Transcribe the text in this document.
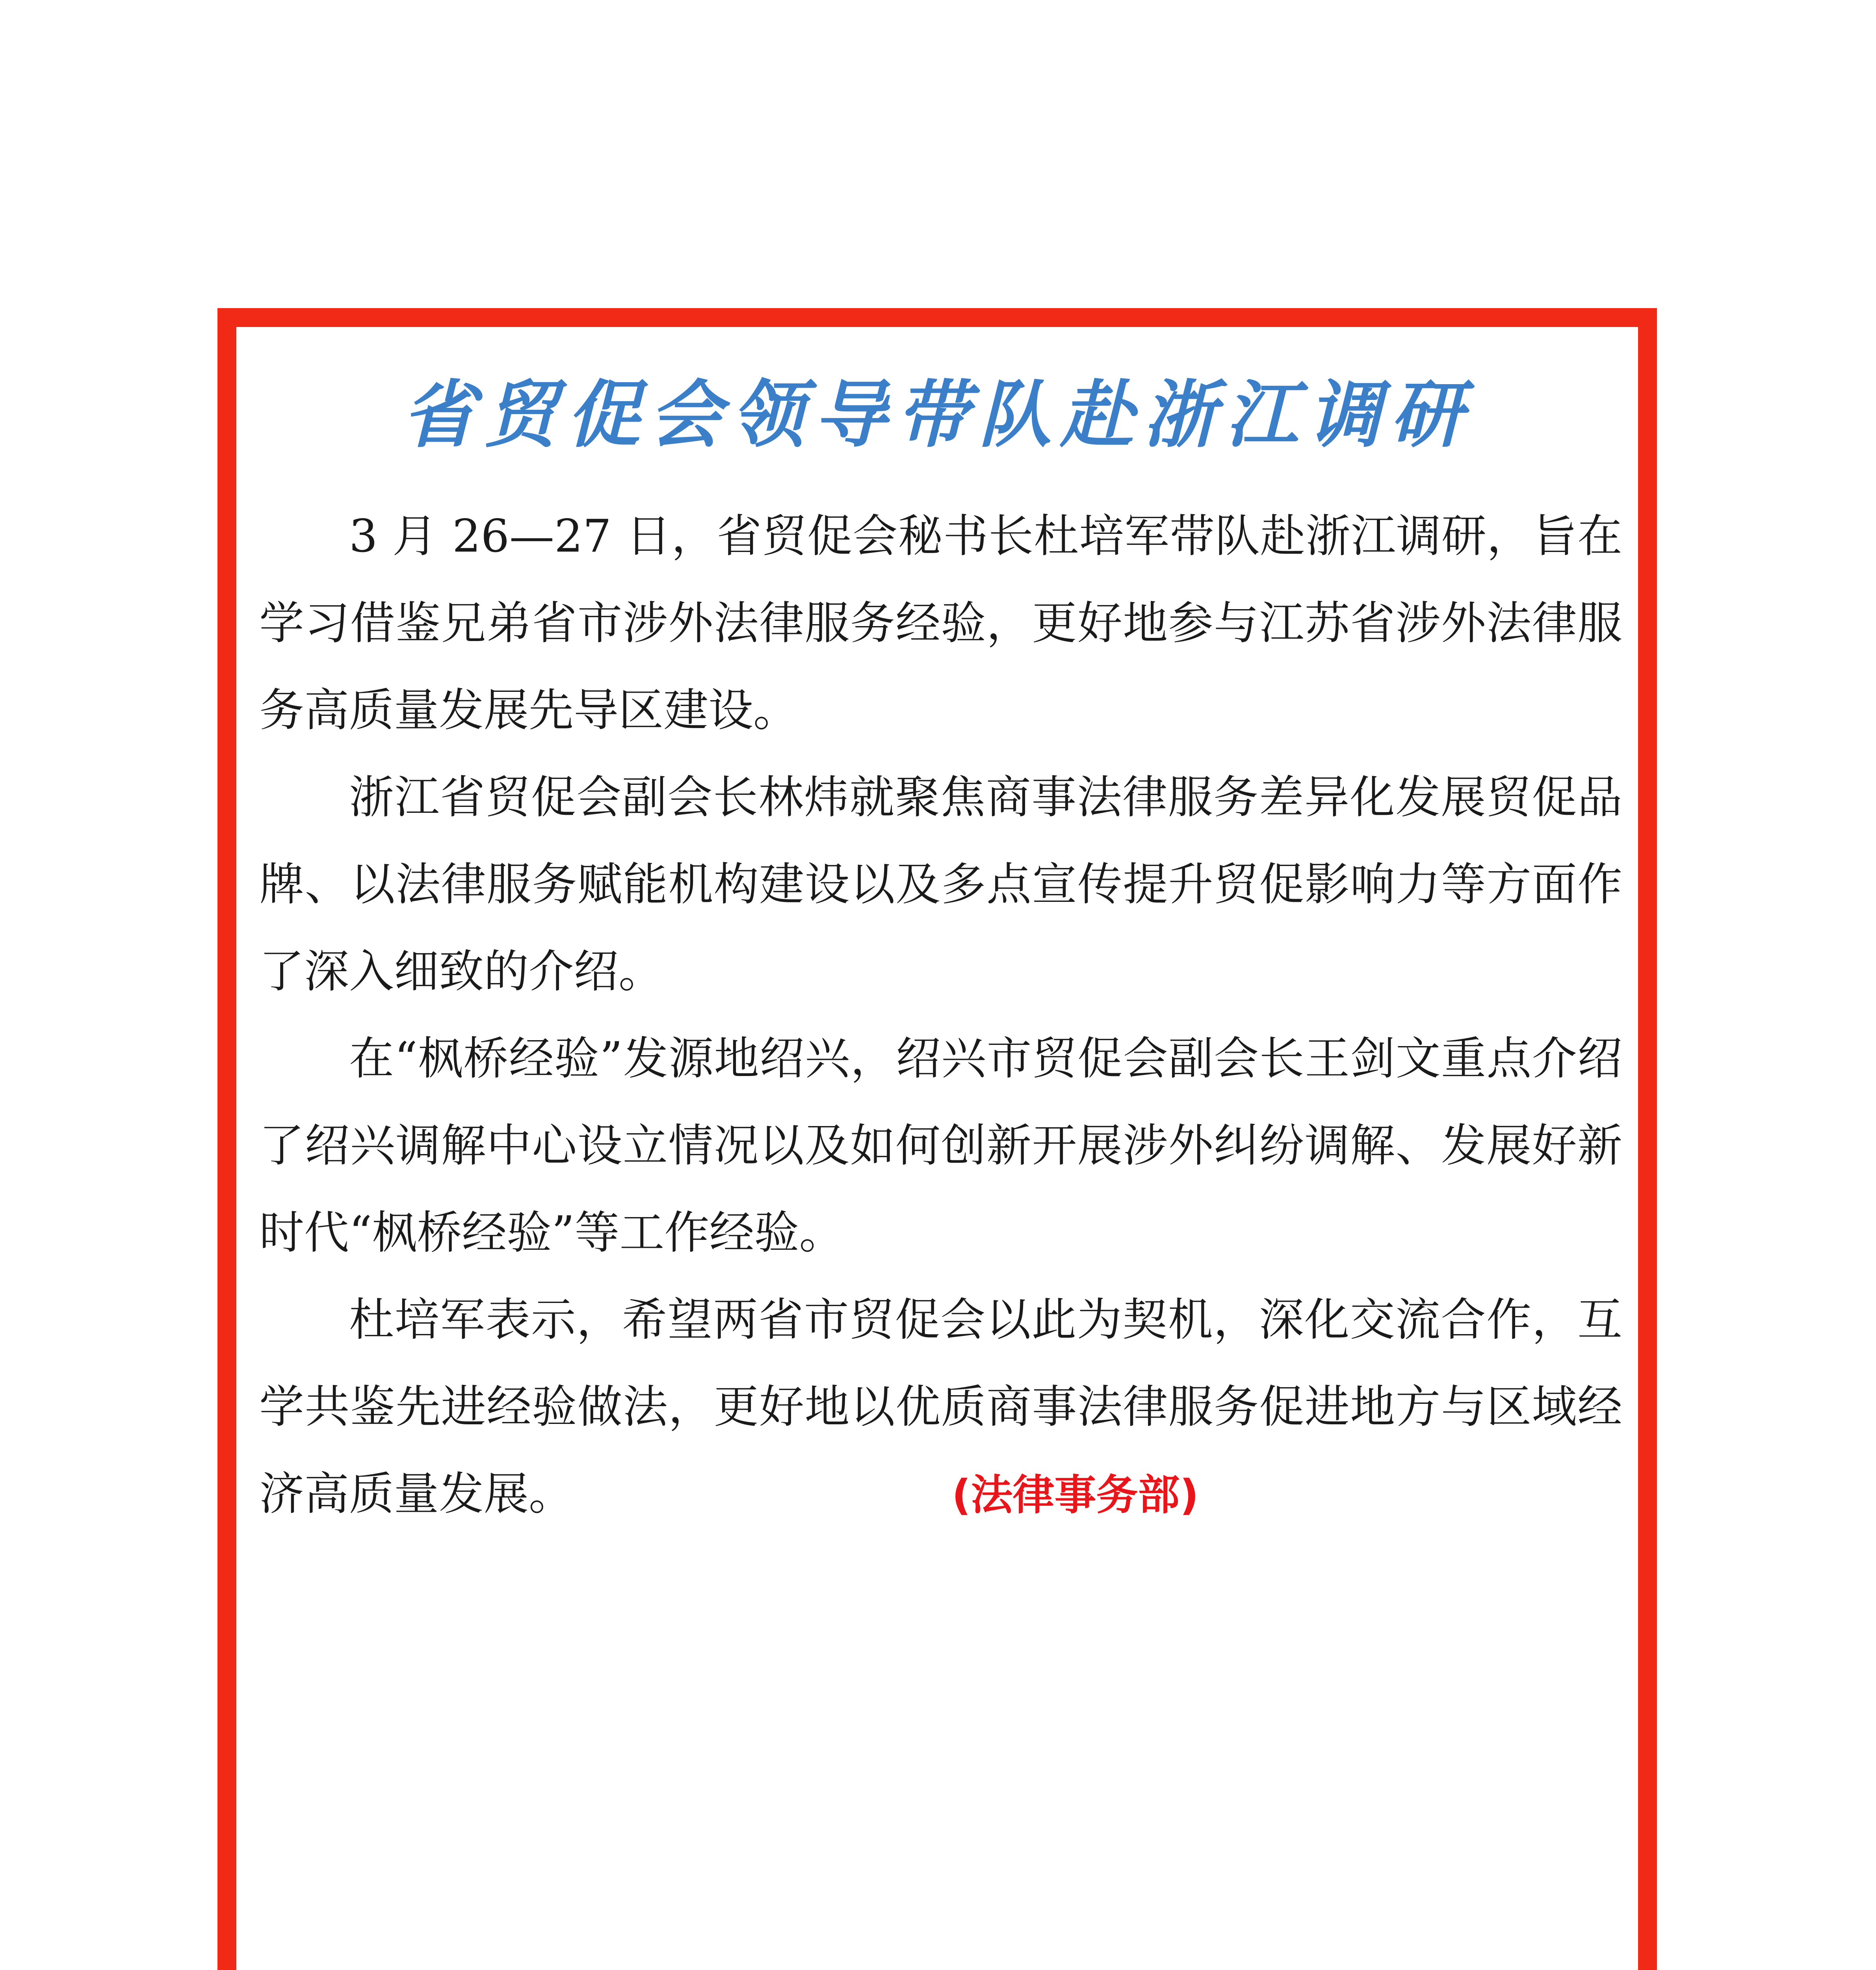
省贸促会领导带队赴浙江调研

3 月 26—27 日，省贸促会秘书长杜培军带队赴浙江调研，旨在学习借鉴兄弟省市涉外法律服务经验，更好地参与江苏省涉外法律服务高质量发展先导区建设。

浙江省贸促会副会长林炜就聚焦商事法律服务差异化发展贸促品牌、以法律服务赋能机构建设以及多点宣传提升贸促影响力等方面作了深入细致的介绍。

在“枫桥经验”发源地绍兴，绍兴市贸促会副会长王剑文重点介绍了绍兴调解中心设立情况以及如何创新开展涉外纠纷调解、发展好新时代“枫桥经验”等工作经验。

杜培军表示，希望两省市贸促会以此为契机，深化交流合作，互学共鉴先进经验做法，更好地以优质商事法律服务促进地方与区域经济高质量发展。	(法律事务部)
